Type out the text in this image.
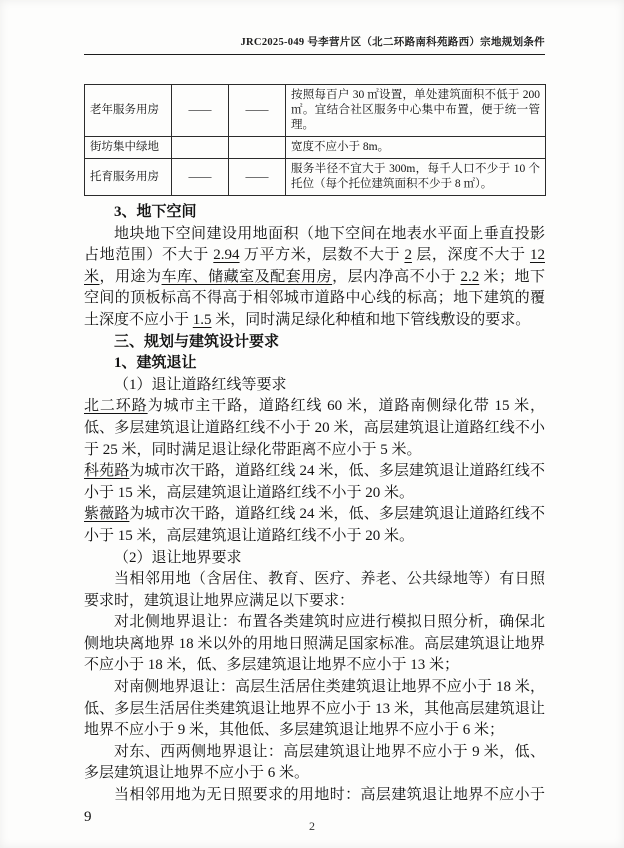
JRC2025-049 号李营片区（北二环路南科苑路西）宗地规划条件
老年服务用房	——	——	按照每百户 30 ㎡设置，单处建筑面积不低于 200 ㎡。宜结合社区服务中心集中布置，便于统一管理。
街坊集中绿地			宽度不应小于 8m。
托育服务用房	——	——	服务半径不宜大于 300m，每千人口不少于 10 个托位（每个托位建筑面积不少于 8 ㎡）。

3、地下空间

地块地下空间建设用地面积（地下空间在地表水平面上垂直投影占地范围）不大于 2.94 万平方米，层数不大于 2 层，深度不大于 12 米，用途为车库、储藏室及配套用房，层内净高不小于 2.2 米；地下空间的顶板标高不得高于相邻城市道路中心线的标高；地下建筑的覆土深度不应小于 1.5 米，同时满足绿化种植和地下管线敷设的要求。

三、规划与建筑设计要求

1、建筑退让

（1）退让道路红线等要求

北二环路为城市主干路，道路红线 60 米，道路南侧绿化带 15 米，低、多层建筑退让道路红线不小于 20 米，高层建筑退让道路红线不小于 25 米，同时满足退让绿化带距离不应小于 5 米。

科苑路为城市次干路，道路红线 24 米，低、多层建筑退让道路红线不小于 15 米，高层建筑退让道路红线不小于 20 米。

紫薇路为城市次干路，道路红线 24 米，低、多层建筑退让道路红线不小于 15 米，高层建筑退让道路红线不小于 20 米。

（2）退让地界要求

当相邻用地（含居住、教育、医疗、养老、公共绿地等）有日照要求时，建筑退让地界应满足以下要求：

对北侧地界退让：布置各类建筑时应进行模拟日照分析，确保北侧地块离地界 18 米以外的用地日照满足国家标准。高层建筑退让地界不应小于 18 米，低、多层建筑退让地界不应小于 13 米；

对南侧地界退让：高层生活居住类建筑退让地界不应小于 18 米，低、多层生活居住类建筑退让地界不应小于 13 米，其他高层建筑退让地界不应小于 9 米，其他低、多层建筑退让地界不应小于 6 米；

对东、西两侧地界退让：高层建筑退让地界不应小于 9 米，低、多层建筑退让地界不应小于 6 米。

当相邻用地为无日照要求的用地时：高层建筑退让地界不应小于 9

2
